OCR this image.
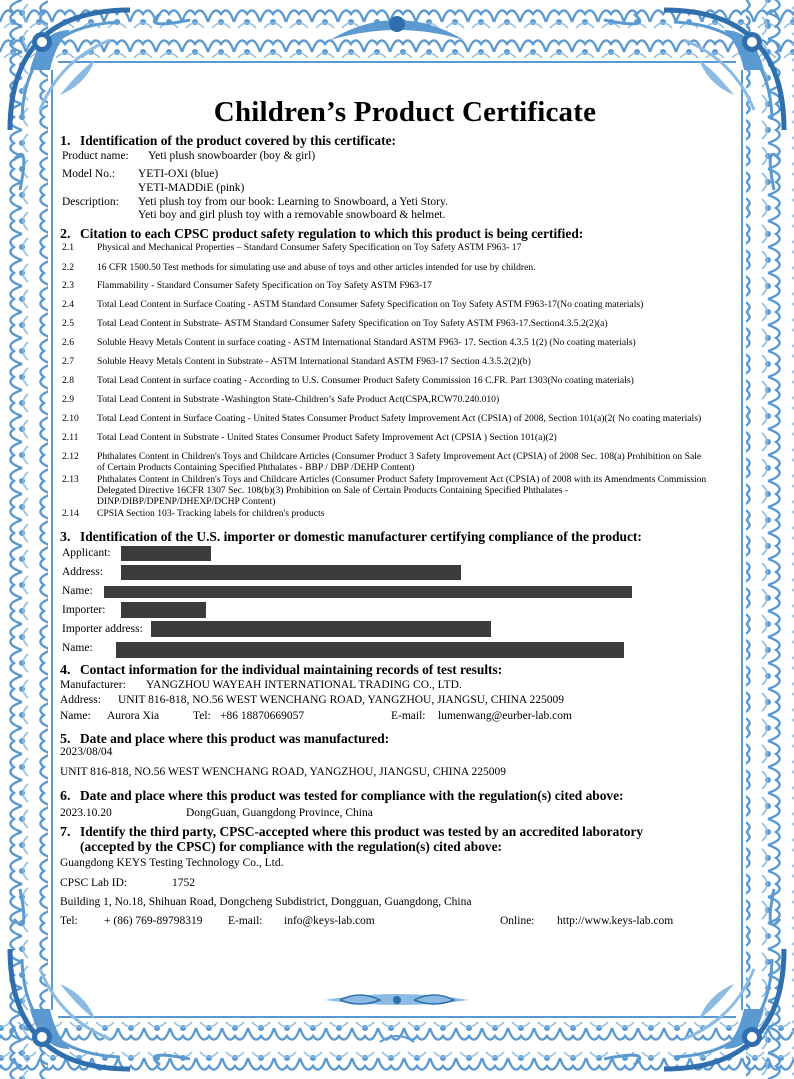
Children’s Product Certificate
1. Identification of the product covered by this certificate:
Product name: Yeti plush snowboarder (boy & girl)
Model No.: YETI-OXi (blue)
YETI-MADDiE (pink)
Description: Yeti plush toy from our book: Learning to Snowboard, a Yeti Story.
Yeti boy and girl plush toy with a removable snowboard & helmet.
2. Citation to each CPSC product safety regulation to which this product is being certified:
2.1 Physical and Mechanical Properties – Standard Consumer Safety Specification on Toy Safety ASTM F963- 17
2.2 16 CFR 1500.50 Test methods for simulating use and abuse of toys and other articles intended for use by children.
2.3 Flammability - Standard Consumer Safety Specification on Toy Safety ASTM F963-17
2.4 Total Lead Content in Surface Coating - ASTM Standard Consumer Safety Specification on Toy Safety ASTM F963-17(No coating materials)
2.5 Total Lead Content in Substrate- ASTM Standard Consumer Safety Specification on Toy Safety ASTM F963-17.Section4.3.5.2(2)(a)
2.6 Soluble Heavy Metals Content in surface coating - ASTM International Standard ASTM F963- 17. Section 4.3.5 1(2) (No coating materials)
2.7 Soluble Heavy Metals Content in Substrate - ASTM International Standard ASTM F963-17 Section 4.3.5.2(2)(b)
2.8 Total Lead Content in surface coating - According to U.S. Consumer Product Safety Commission 16 C.FR. Part 1303(No coating materials)
2.9 Total Lead Content in Substrate -Washington State-Children’s Safe Product Act(CSPA,RCW70.240.010)
2.10 Total Lead Content in Surface Coating - United States Consumer Product Safety Improvement Act (CPSIA) of 2008, Section 101(a)(2( No coating materials)
2.11 Total Lead Content in Substrate - United States Consumer Product Safety Improvement Act (CPSIA ) Section 101(a)(2)
2.12 Phthalates Content in Children's Toys and Childcare Articles (Consumer Product 3 Safety Improvement Act (CPSIA) of 2008 Sec. 108(a) Prohibition on Sale
of Certain Products Containing Specified Phthalates - BBP / DBP /DEHP Content)
2.13 Phthalates Content in Children's Toys and Childcare Articles (Consumer Product Safety Improvement Act (CPSIA) of 2008 with its Amendments Commission
Delegated Directive 16CFR 1307 Sec. 108(b)(3) Prohibition on Sale of Certain Products Containing Specified Phthalates -
DINP/DIBP/DPENP/DHEXP/DCHP Content)
2.14 CPSIA Section 103- Tracking labels for children's products
3. Identification of the U.S. importer or domestic manufacturer certifying compliance of the product:
Applicant:
Address:
Name:
Importer:
Importer address:
Name:
4. Contact information for the individual maintaining records of test results:
Manufacturer: YANGZHOU WAYEAH INTERNATIONAL TRADING CO., LTD.
Address: UNIT 816-818, NO.56 WEST WENCHANG ROAD, YANGZHOU, JIANGSU, CHINA 225009
Name: Aurora Xia	Tel: +86 18870669057	E-mail: lumenwang@eurber-lab.com
5. Date and place where this product was manufactured:
2023/08/04
UNIT 816-818, NO.56 WEST WENCHANG ROAD, YANGZHOU, JIANGSU, CHINA 225009
6. Date and place where this product was tested for compliance with the regulation(s) cited above:
2023.10.20	DongGuan, Guangdong Province, China
7. Identify the third party, CPSC-accepted where this product was tested by an accredited laboratory
(accepted by the CPSC) for compliance with the regulation(s) cited above:
Guangdong KEYS Testing Technology Co., Ltd.
CPSC Lab ID:	1752
Building 1, No.18, Shihuan Road, Dongcheng Subdistrict, Dongguan, Guangdong, China
Tel: + (86) 769-89798319 E-mail: info@keys-lab.com	Online: http://www.keys-lab.com
